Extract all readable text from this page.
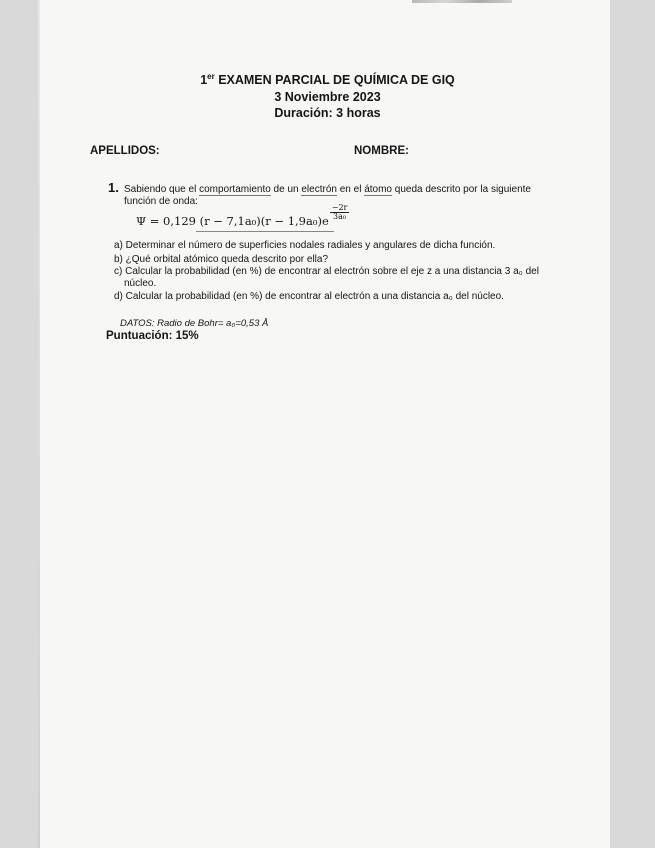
1er EXAMEN PARCIAL DE QUÍMICA DE GIQ
3 Noviembre 2023
Duración: 3 horas
APELLIDOS:	NOMBRE:
1. Sabiendo que el comportamiento de un electrón en el átomo queda descrito por la siguiente
función de onda:
Ψ = 0,129 $(r - 7,1a_0)(r - 1,9a_0)e \frac{-2r}{\text{3a₀}}$
a) Determinar el número de superficies nodales radiales y angulares de dicha función.
b) ¿Qué orbital atómico queda descrito por ella?
c) Calcular la probabilidad (en %) de encontrar al electrón sobre el eje z a una distancia 3 a₀ del
núcleo.
d) Calcular la probabilidad (en %) de encontrar al electrón a una distancia a₀ del núcleo.
DATOS: Radio de Bohr= a₀=0,53 Å
Puntuación: 15%
